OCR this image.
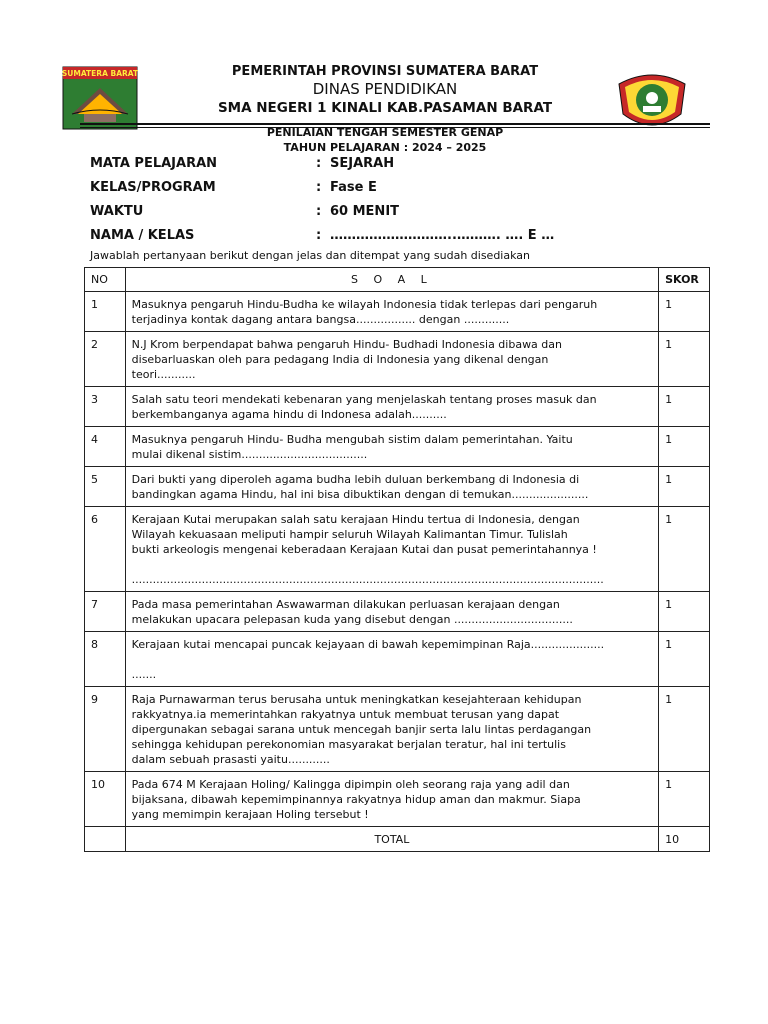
SUMATERA BARAT	PEMERINTAH PROVINSI SUMATERA BARAT
DINAS PENDIDIKAN
SMA NEGERI 1 KINALI KAB.PASAMAN BARAT
PENILAIAN TENGAH SEMESTER GENAP
TAHUN PELAJARAN : 2024 – 2025
MATA PELAJARAN	: SEJARAH
KELAS/PROGRAM	: Fase E
WAKTU	: 60 MENIT
NAMA / KELAS	: ………………………..………. …. E …
Jawablah pertanyaan berikut dengan jelas dan ditempat yang sudah disediakan
NO	S O A L	SKOR
1	Masuknya pengaruh Hindu-Budha ke wilayah Indonesia tidak terlepas dari pengaruh
terjadinya kontak dagang antara bangsa................. dengan .............	1
2	N.J Krom berpendapat bahwa pengaruh Hindu- Budhadi Indonesia dibawa dan
disebarluaskan oleh para pedagang India di Indonesia yang dikenal dengan
teori...........	1
3	Salah satu teori mendekati kebenaran yang menjelaskah tentang proses masuk dan
berkembanganya agama hindu di Indonesa adalah..........	1
4	Masuknya pengaruh Hindu- Budha mengubah sistim dalam pemerintahan. Yaitu
mulai dikenal sistim....................................	1
5	Dari bukti yang diperoleh agama budha lebih duluan berkembang di Indonesia di
bandingkan agama Hindu, hal ini bisa dibuktikan dengan di temukan......................	1
6	Kerajaan Kutai merupakan salah satu kerajaan Hindu tertua di Indonesia, dengan
Wilayah kekuasaan meliputi hampir seluruh Wilayah Kalimantan Timur. Tulislah
bukti arkeologis mengenai keberadaan Kerajaan Kutai dan pusat pemerintahannya !

.......................................................................................................................................	1
7	Pada masa pemerintahan Aswawarman dilakukan perluasan kerajaan dengan
melakukan upacara pelepasan kuda yang disebut dengan ..................................	1
8	Kerajaan kutai mencapai puncak kejayaan di bawah kepemimpinan Raja.....................

.......	1
9	Raja Purnawarman terus berusaha untuk meningkatkan kesejahteraan kehidupan
rakkyatnya.ia memerintahkan rakyatnya untuk membuat terusan yang dapat
dipergunakan sebagai sarana untuk mencegah banjir serta lalu lintas perdagangan
sehingga kehidupan perekonomian masyarakat berjalan teratur, hal ini tertulis
dalam sebuah prasasti yaitu............	1
10	Pada 674 M Kerajaan Holing/ Kalingga dipimpin oleh seorang raja yang adil dan
bijaksana, dibawah kepemimpinannya rakyatnya hidup aman dan makmur. Siapa
yang memimpin kerajaan Holing tersebut !	1
	TOTAL	10
